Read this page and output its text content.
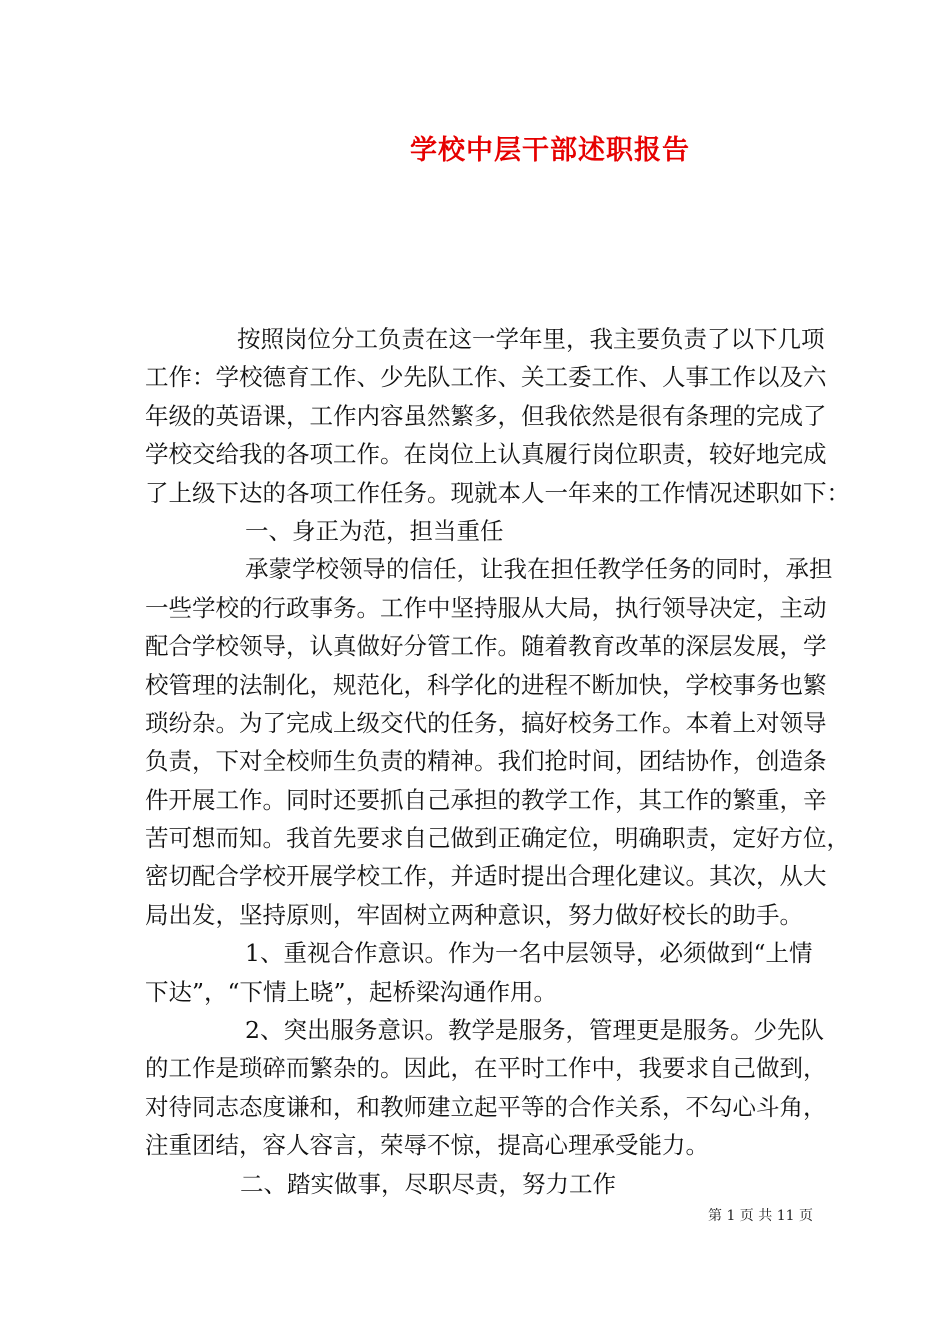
学校中层干部述职报告
按照岗位分工负责在这一学年里，我主要负责了以下几项
工作：学校德育工作、少先队工作、关工委工作、人事工作以及六
年级的英语课，工作内容虽然繁多，但我依然是很有条理的完成了
学校交给我的各项工作。在岗位上认真履行岗位职责，较好地完成
了上级下达的各项工作任务。现就本人一年来的工作情况述职如下：
一、身正为范，担当重任
承蒙学校领导的信任，让我在担任教学任务的同时，承担
一些学校的行政事务。工作中坚持服从大局，执行领导决定，主动
配合学校领导，认真做好分管工作。随着教育改革的深层发展，学
校管理的法制化，规范化，科学化的进程不断加快，学校事务也繁
琐纷杂。为了完成上级交代的任务，搞好校务工作。本着上对领导
负责，下对全校师生负责的精神。我们抢时间，团结协作，创造条
件开展工作。同时还要抓自己承担的教学工作，其工作的繁重，辛
苦可想而知。我首先要求自己做到正确定位，明确职责，定好方位，
密切配合学校开展学校工作，并适时提出合理化建议。其次，从大
局出发，坚持原则，牢固树立两种意识，努力做好校长的助手。
1、重视合作意识。作为一名中层领导，必须做到“上情
下达”，“下情上晓”，起桥梁沟通作用。
2、突出服务意识。教学是服务，管理更是服务。少先队
的工作是琐碎而繁杂的。因此，在平时工作中，我要求自己做到，
对待同志态度谦和，和教师建立起平等的合作关系，不勾心斗角，
注重团结，容人容言，荣辱不惊，提高心理承受能力。
二、踏实做事，尽职尽责，努力工作
第 1 页 共 11 页
